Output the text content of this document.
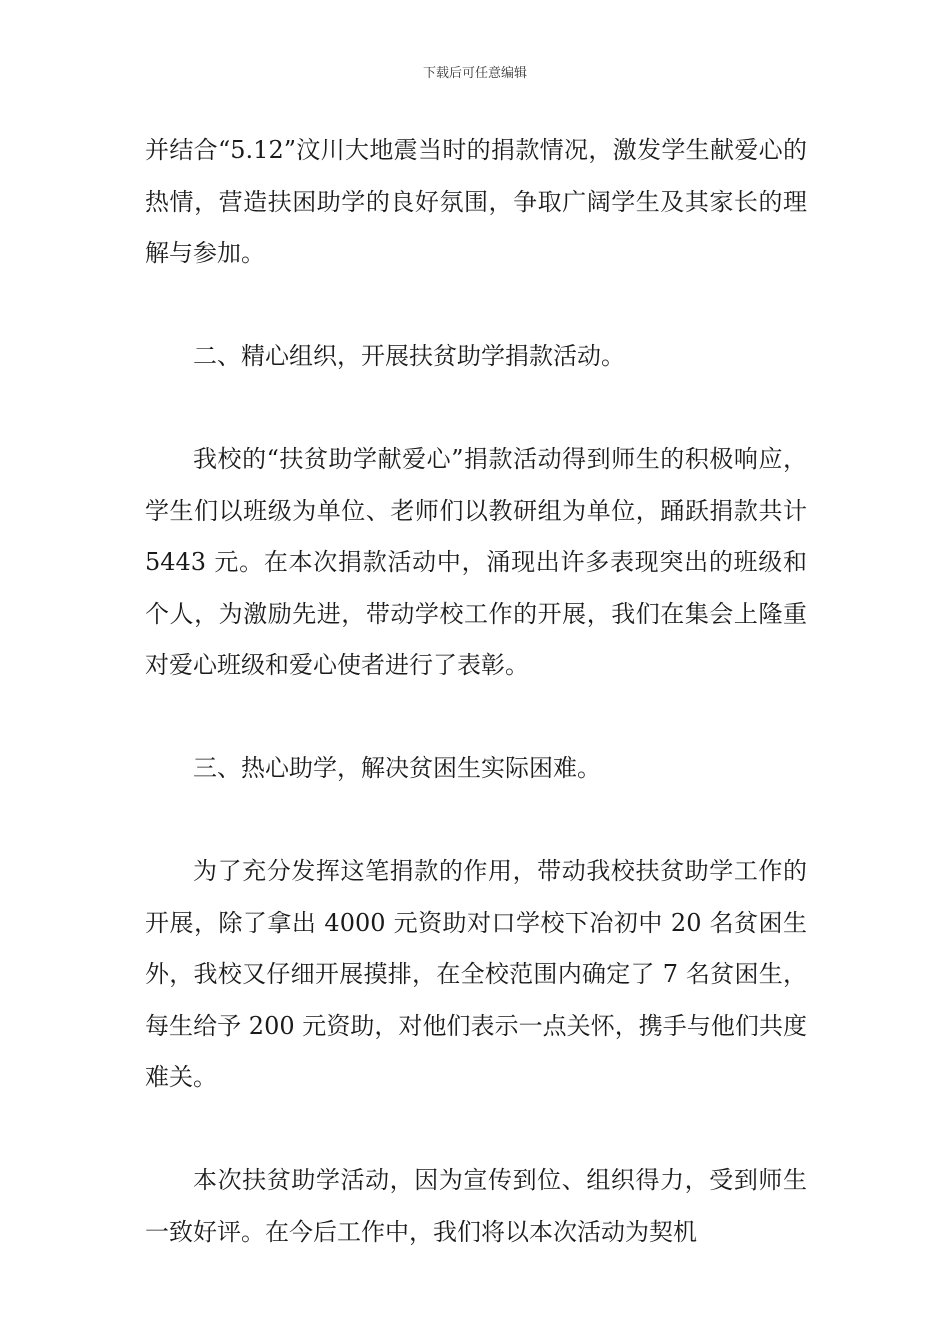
下载后可任意编辑

并结合“5.12”汶川大地震当时的捐款情况，激发学生献爱心的热情，营造扶困助学的良好氛围，争取广阔学生及其家长的理解与参加。

二、精心组织，开展扶贫助学捐款活动。

我校的“扶贫助学献爱心”捐款活动得到师生的积极响应，学生们以班级为单位、老师们以教研组为单位，踊跃捐款共计 5443 元。在本次捐款活动中，涌现出许多表现突出的班级和个人，为激励先进，带动学校工作的开展，我们在集会上隆重对爱心班级和爱心使者进行了表彰。

三、热心助学，解决贫困生实际困难。

为了充分发挥这笔捐款的作用，带动我校扶贫助学工作的开展，除了拿出 4000 元资助对口学校下冶初中 20 名贫困生外，我校又仔细开展摸排，在全校范围内确定了 7 名贫困生，每生给予 200 元资助，对他们表示一点关怀，携手与他们共度难关。

本次扶贫助学活动，因为宣传到位、组织得力，受到师生一致好评。在今后工作中，我们将以本次活动为契机
